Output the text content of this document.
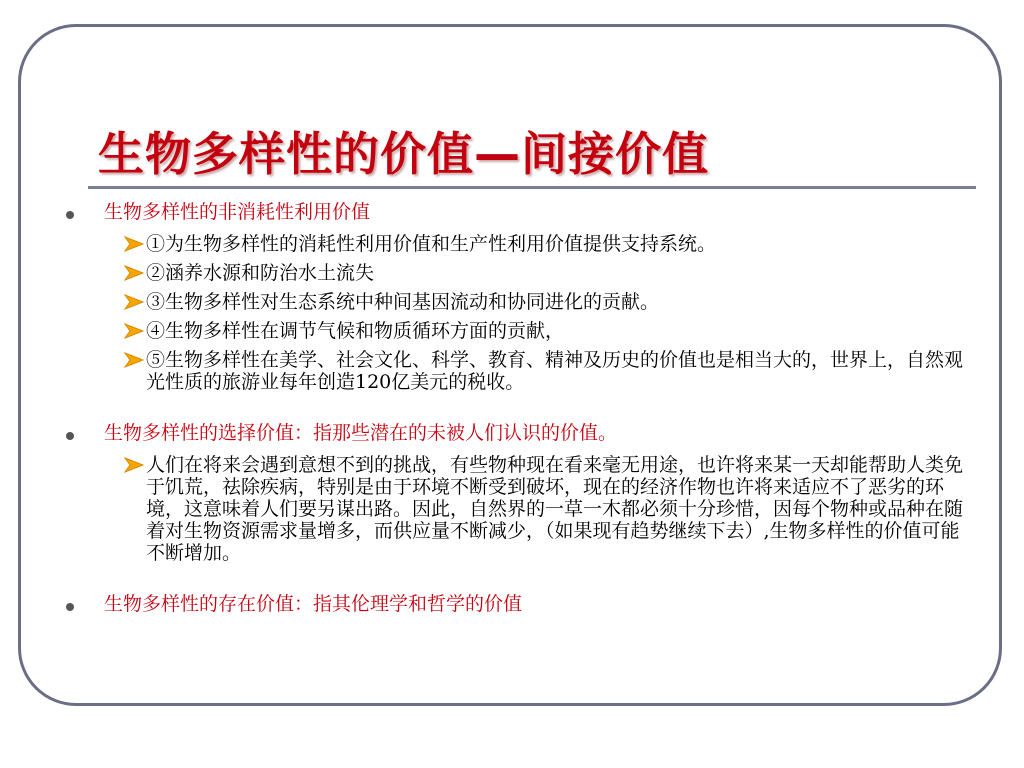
生物多样性的价值—间接价值
生物多样性的非消耗性利用价值
①为生物多样性的消耗性利用价值和生产性利用价值提供支持系统。
②涵养水源和防治水土流失
③生物多样性对生态系统中种间基因流动和协同进化的贡献。
④生物多样性在调节气候和物质循环方面的贡献，
⑤生物多样性在美学、社会文化、科学、教育、精神及历史的价值也是相当大的，世界上，自然观光性质的旅游业每年创造120亿美元的税收。
生物多样性的选择价值：指那些潜在的未被人们认识的价值。
人们在将来会遇到意想不到的挑战，有些物种现在看来毫无用途，也许将来某一天却能帮助人类免于饥荒，祛除疾病，特别是由于环境不断受到破坏，现在的经济作物也许将来适应不了恶劣的环境，这意味着人们要另谋出路。因此，自然界的一草一木都必须十分珍惜，因每个物种或品种在随着对生物资源需求量增多，而供应量不断减少，（如果现有趋势继续下去）,生物多样性的价值可能不断增加。
生物多样性的存在价值：指其伦理学和哲学的价值
